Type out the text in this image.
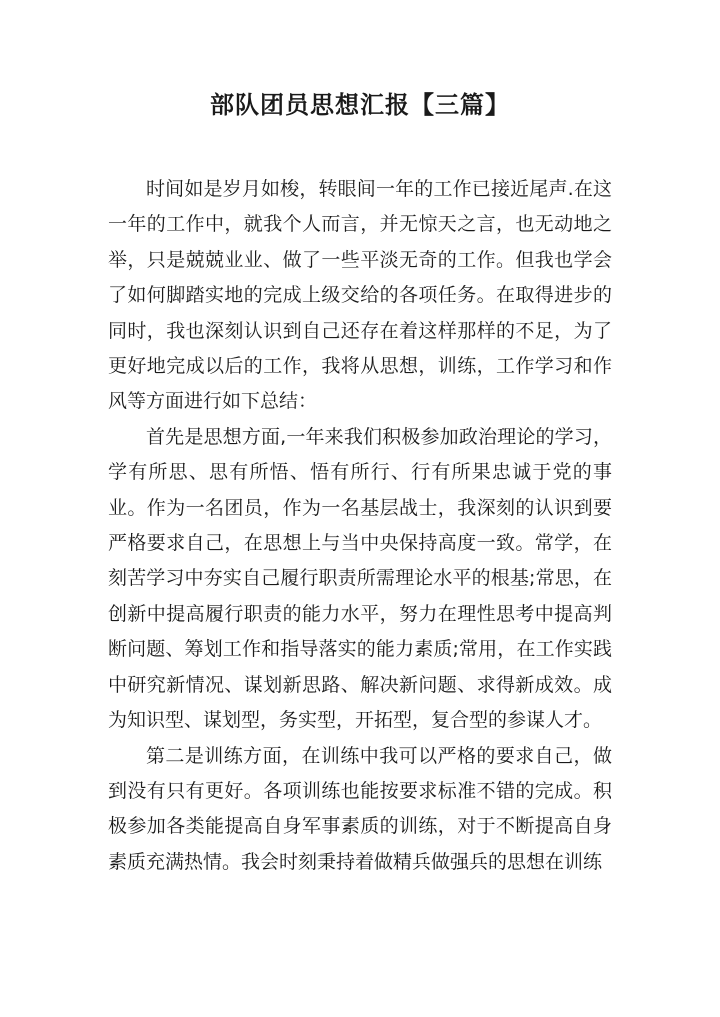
部队团员思想汇报【三篇】

时间如是岁月如梭，转眼间一年的工作已接近尾声.在这一年的工作中，就我个人而言，并无惊天之言，也无动地之举，只是兢兢业业、做了一些平淡无奇的工作。但我也学会了如何脚踏实地的完成上级交给的各项任务。在取得进步的同时，我也深刻认识到自己还存在着这样那样的不足，为了更好地完成以后的工作，我将从思想，训练，工作学习和作风等方面进行如下总结：

首先是思想方面,一年来我们积极参加政治理论的学习，学有所思、思有所悟、悟有所行、行有所果忠诚于党的事业。作为一名团员，作为一名基层战士，我深刻的认识到要严格要求自己，在思想上与当中央保持高度一致。常学，在刻苦学习中夯实自己履行职责所需理论水平的根基;常思，在创新中提高履行职责的能力水平，努力在理性思考中提高判断问题、筹划工作和指导落实的能力素质;常用，在工作实践中研究新情况、谋划新思路、解决新问题、求得新成效。成为知识型、谋划型，务实型，开拓型，复合型的参谋人才。

第二是训练方面，在训练中我可以严格的要求自己，做到没有只有更好。各项训练也能按要求标准不错的完成。积极参加各类能提高自身军事素质的训练，对于不断提高自身素质充满热情。我会时刻秉持着做精兵做强兵的思想在训练
